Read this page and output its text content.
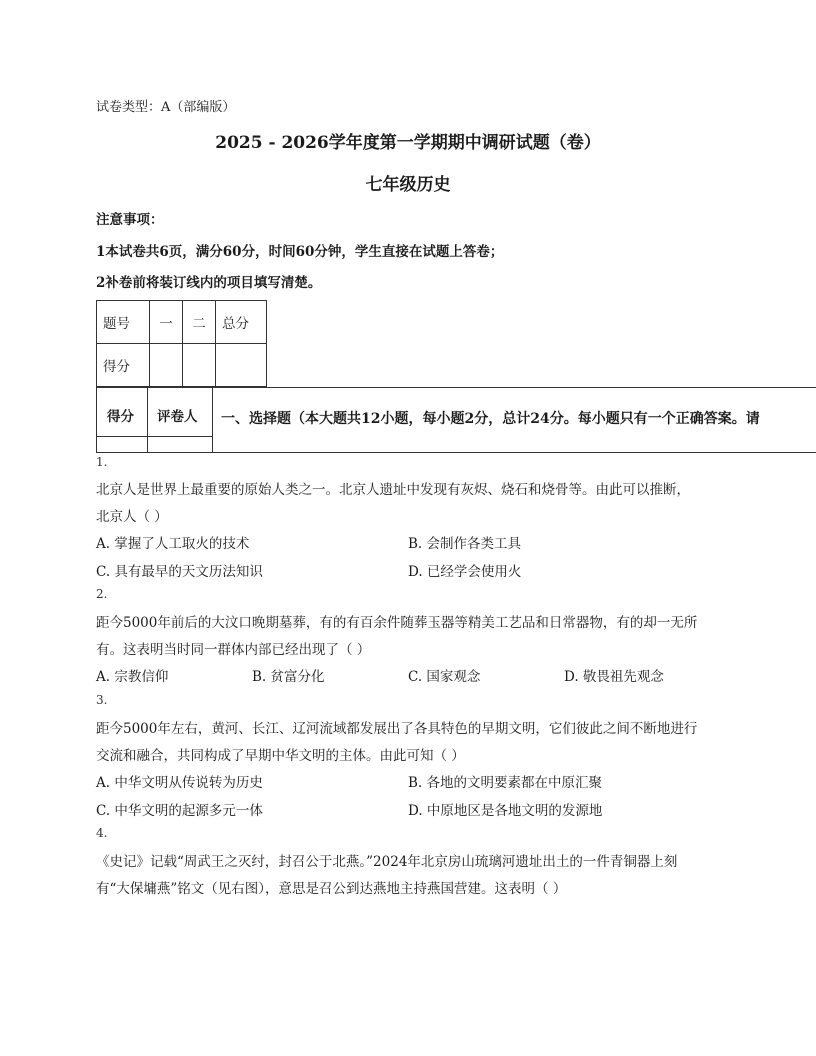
试卷类型：A（部编版）
2025 - 2026学年度第一学期期中调研试题（卷）
七年级历史
注意事项：
1本试卷共6页，满分60分，时间60分钟，学生直接在试题上答卷；
2补卷前将装订线内的项目填写清楚。
题号	一	二	总分
得分			
得分 评卷人 一、选择题（本大题共12小题，每小题2分，总计24分。每小题只有一个正确答案。请
1.
北京人是世界上最重要的原始人类之一。北京人遗址中发现有灰烬、烧石和烧骨等。由此可以推断，
北京人（ ）
A. 掌握了人工取火的技术	B. 会制作各类工具
C. 具有最早的天文历法知识	D. 已经学会使用火
2.
距今5000年前后的大汶口晚期墓葬，有的有百余件随葬玉器等精美工艺品和日常器物，有的却一无所
有。这表明当时同一群体内部已经出现了（ ）
A. 宗教信仰	B. 贫富分化	C. 国家观念	D. 敬畏祖先观念
3.
距今5000年左右，黄河、长江、辽河流域都发展出了各具特色的早期文明，它们彼此之间不断地进行
交流和融合，共同构成了早期中华文明的主体。由此可知（ ）
A. 中华文明从传说转为历史	B. 各地的文明要素都在中原汇聚
C. 中华文明的起源多元一体	D. 中原地区是各地文明的发源地
4.
《史记》记载“周武王之灭纣，封召公于北燕。”2024年北京房山琉璃河遗址出土的一件青铜器上刻
有“大保墉燕”铭文（见右图），意思是召公到达燕地主持燕国营建。这表明（ ）
